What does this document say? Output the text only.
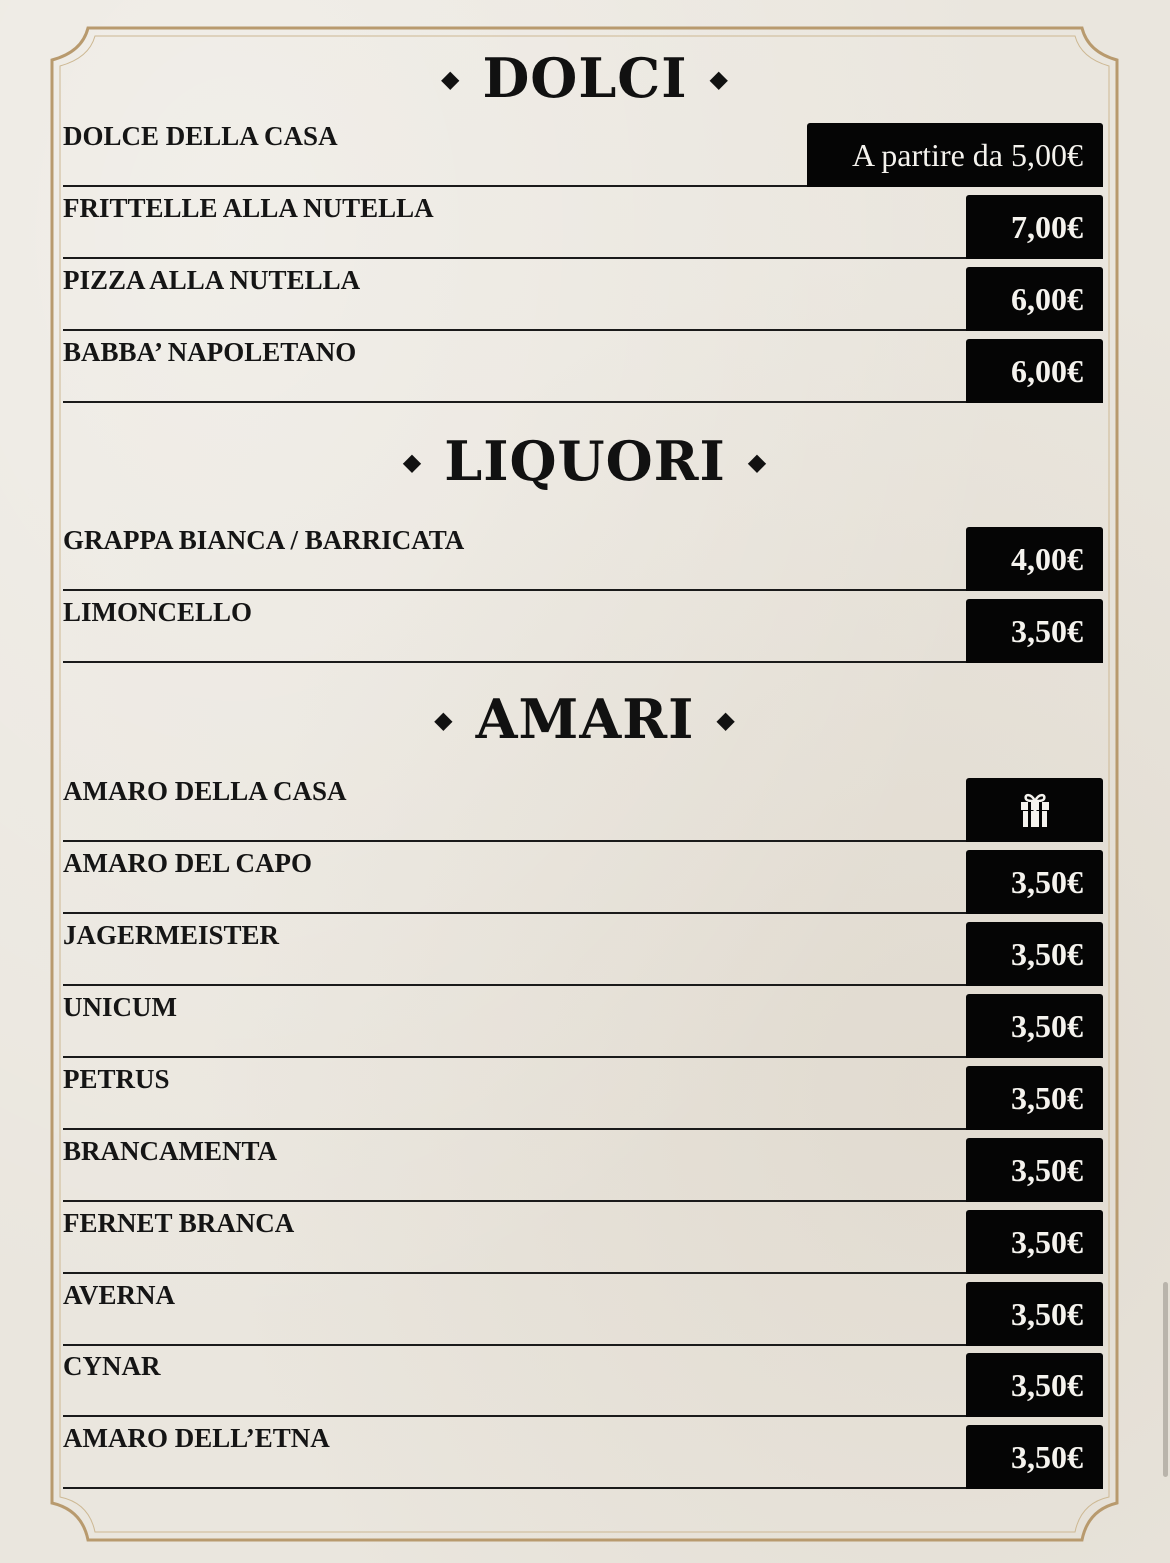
◆ DOLCI ◆
DOLCE DELLA CASA
A partire da 5,00€
FRITTELLE ALLA NUTELLA
7,00€
PIZZA ALLA NUTELLA
6,00€
BABBA’ NAPOLETANO
6,00€
◆ LIQUORI ◆
GRAPPA BIANCA / BARRICATA
4,00€
LIMONCELLO
3,50€
◆ AMARI ◆
AMARO DELLA CASA
AMARO DEL CAPO
3,50€
JAGERMEISTER
3,50€
UNICUM
3,50€
PETRUS
3,50€
BRANCAMENTA
3,50€
FERNET BRANCA
3,50€
AVERNA
3,50€
CYNAR
3,50€
AMARO DELL’ETNA
3,50€
